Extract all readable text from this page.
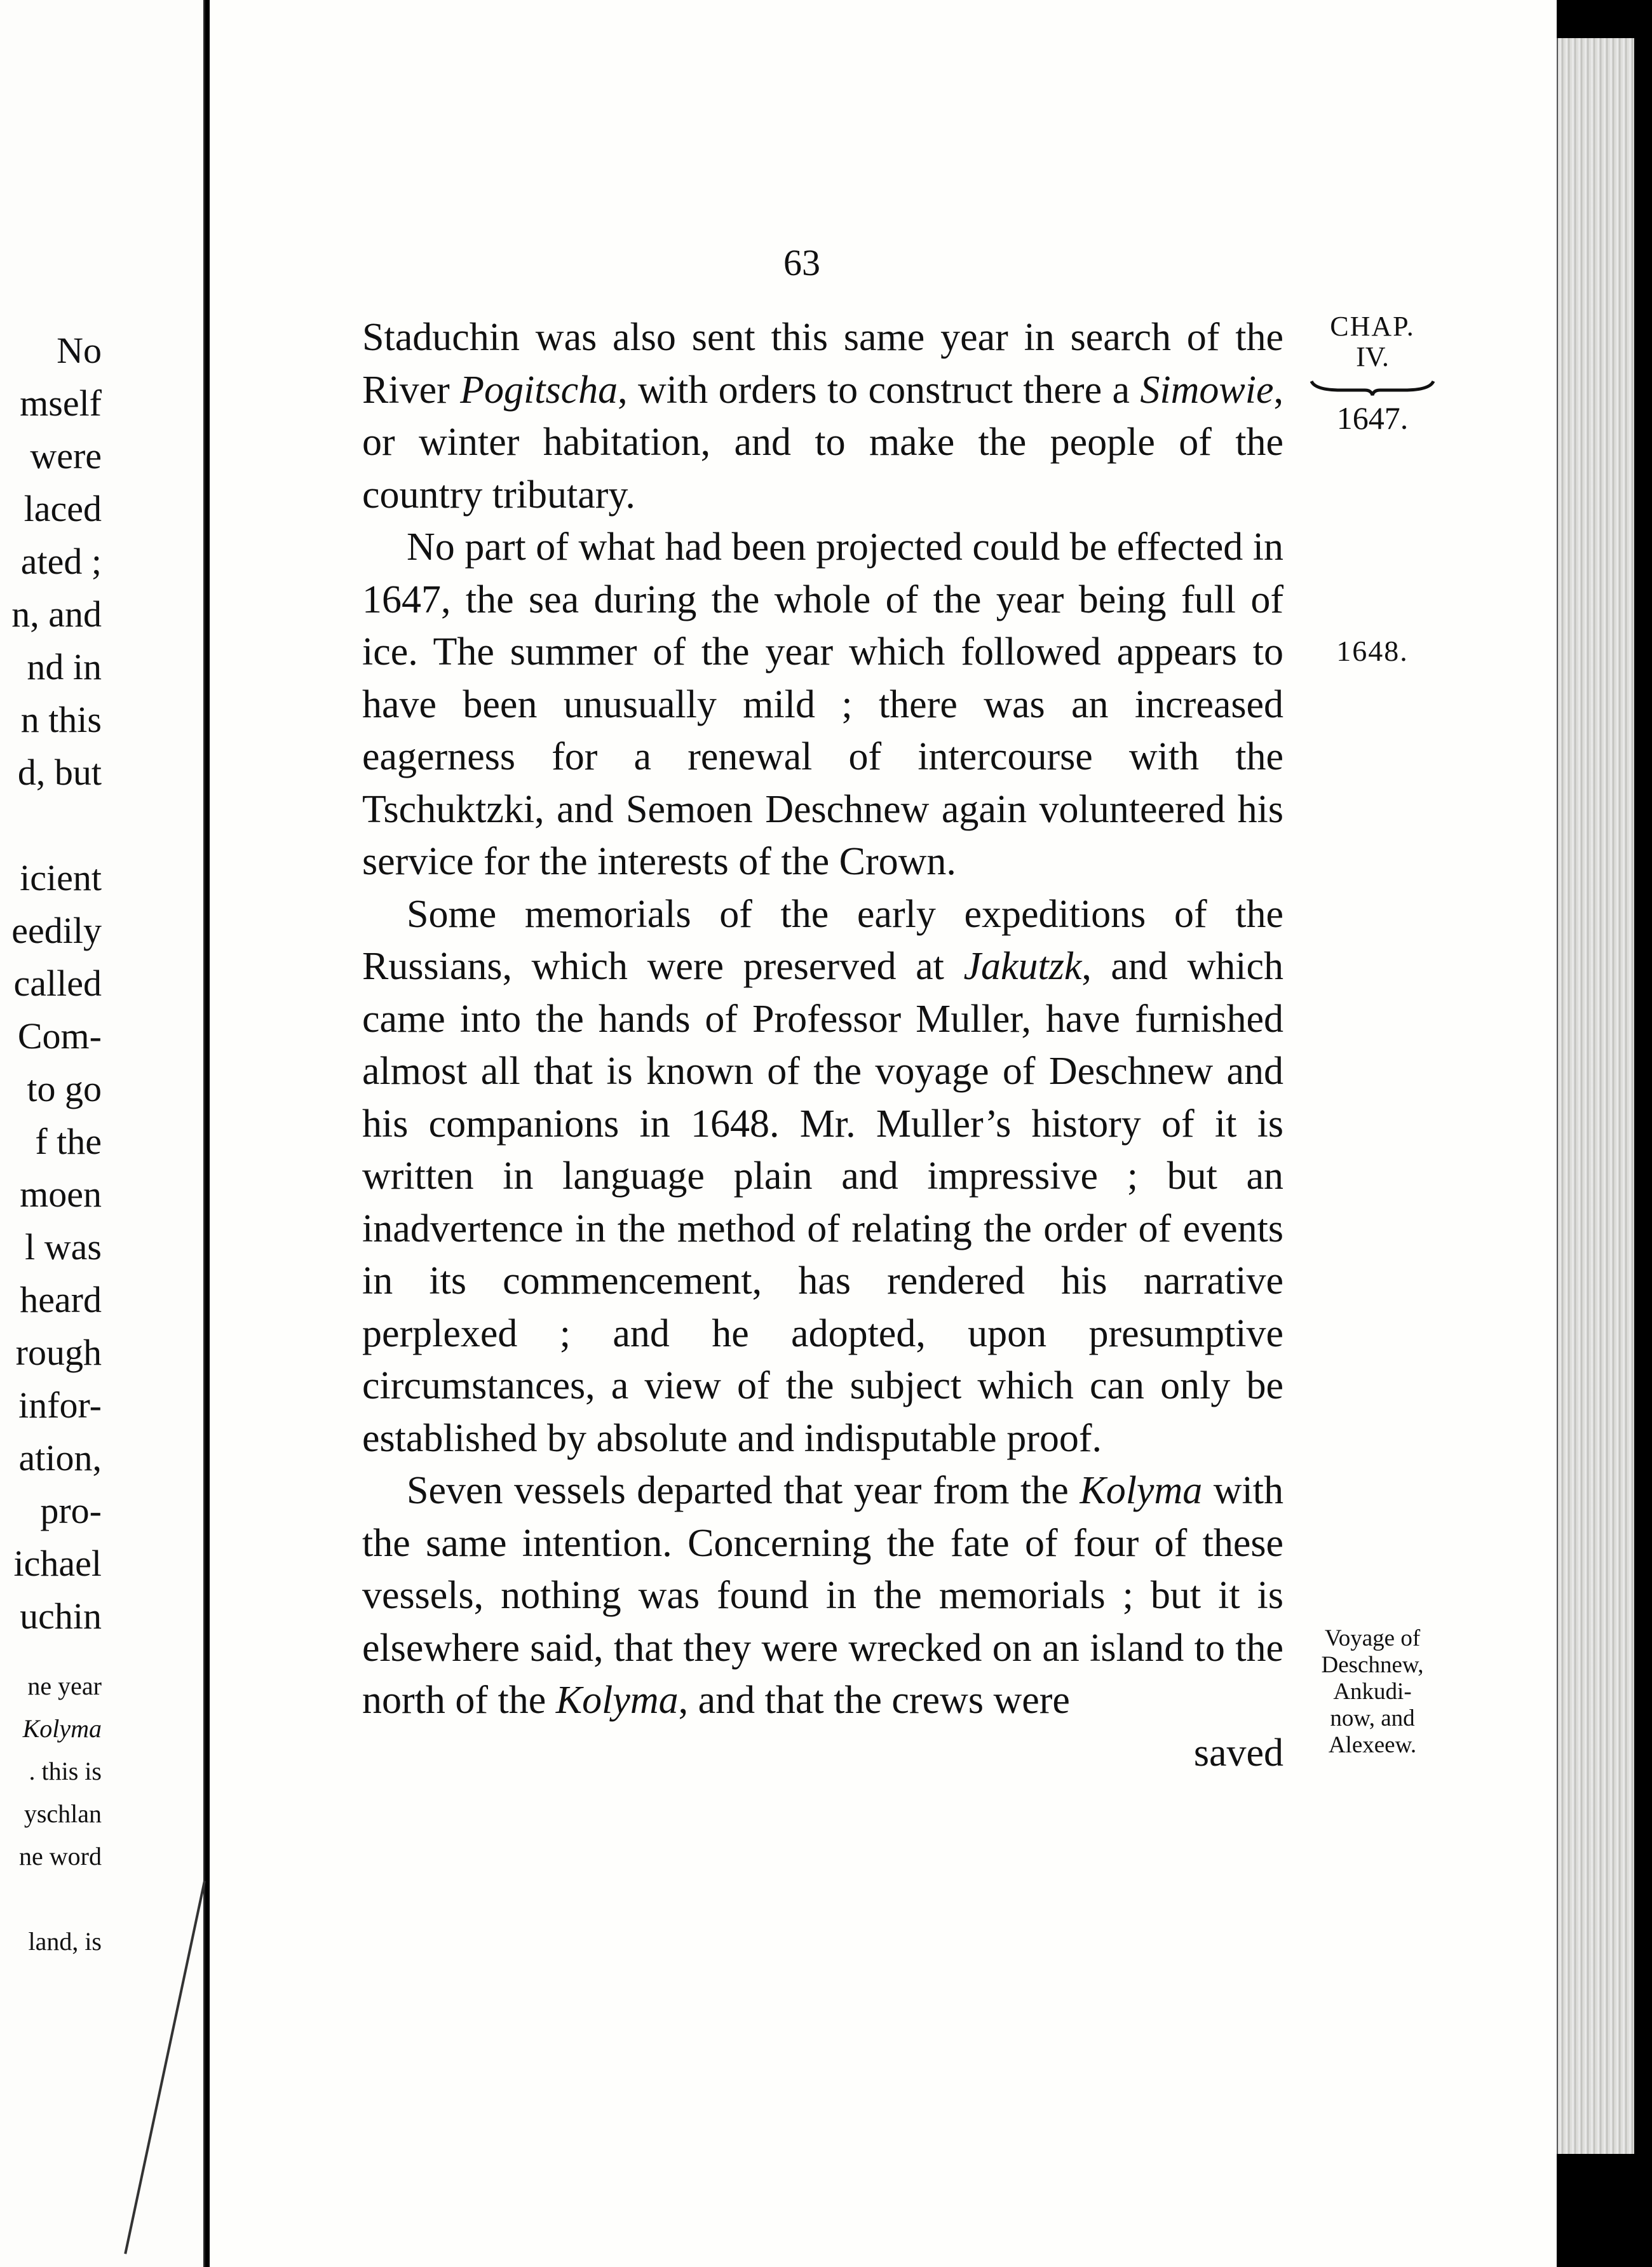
No
mself
were
laced
ated ;
n, and
nd in
n this
d, but

icient
eedily
called
Com-
to go
f the
moen
l was
heard
rough
infor-
ation,
pro-
ichael
uchin
ne year
Kolyma
. this is
yschlan
ne word

land, is
63

Staduchin was also sent this same year in search of the River Pogitscha, with orders to construct there a Simowie, or winter habitation, and to make the people of the country tributary.

No part of what had been projected could be effected in 1647, the sea during the whole of the year being full of ice. The summer of the year which followed appears to have been unusually mild ; there was an increased eagerness for a renewal of intercourse with the Tschuktzki, and Semoen Deschnew again volunteered his service for the interests of the Crown.

Some memorials of the early expeditions of the Russians, which were preserved at Jakutzk, and which came into the hands of Professor Muller, have furnished almost all that is known of the voyage of Deschnew and his companions in 1648. Mr. Muller’s history of it is written in language plain and impressive ; but an inadvertence in the method of relating the order of events in its commencement, has rendered his narrative perplexed ; and he adopted, upon presumptive circumstances, a view of the subject which can only be established by absolute and indisputable proof.

Seven vessels departed that year from the Kolyma with the same intention. Concerning the fate of four of these vessels, nothing was found in the memorials ; but it is elsewhere said, that they were wrecked on an island to the north of the Kolyma, and that the crews were

saved

CHAP.
IV.
1647.
1648.
Voyage of
Deschnew,
Ankudi-
now, and
Alexeew.
